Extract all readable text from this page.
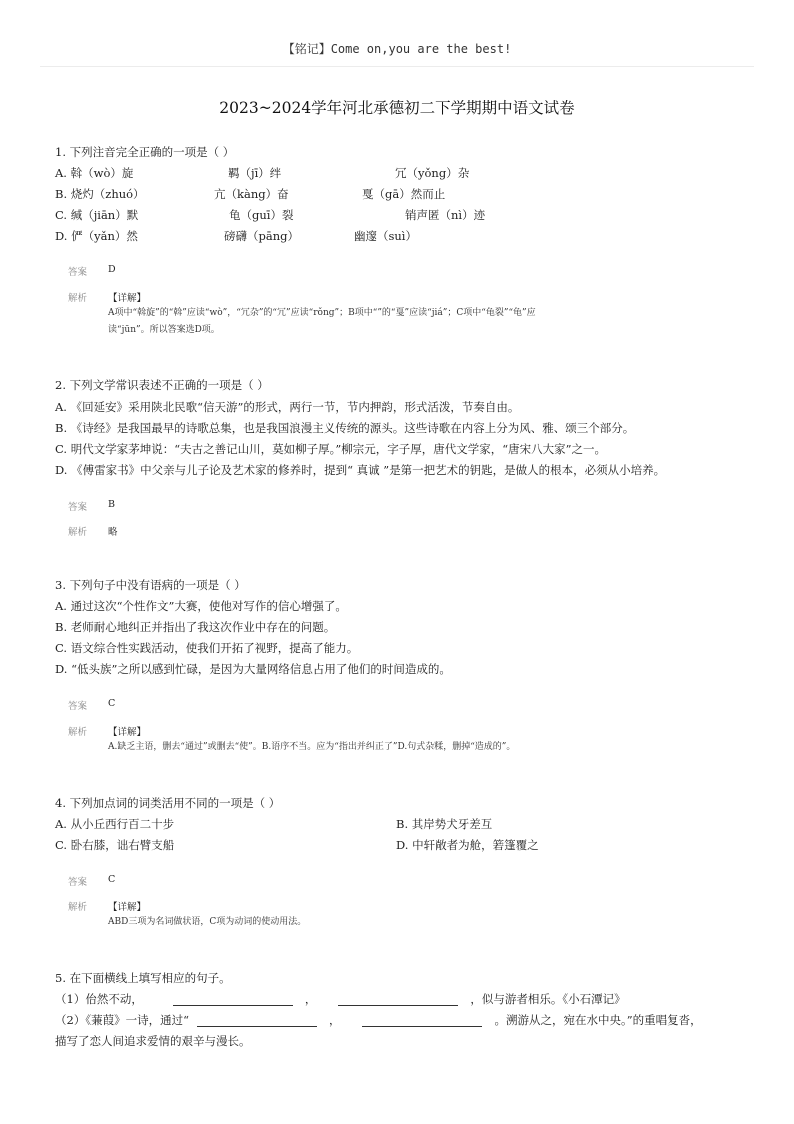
【铭记】Come on,you are the best!
2023~2024学年河北承德初二下学期期中语文试卷
1. 下列注音完全正确的一项是（ ）
A. 斡（wò）旋	羁（jī）绊	冗（yǒng）杂
B. 烧灼（zhuó）	亢（kàng）奋	戛（gā）然而止
C. 缄（jiān）默	龟（guī）裂	销声匿（nì）迹
D. 俨（yǎn）然	磅礴（pāng）	幽邃（suì）
答案 D
解析 【详解】
A项中“斡旋”的“斡”应读“wò”，“冗杂”的“冗”应读“rǒng”；B项中“”的“戛”应读“jiá”；C项中“龟裂”“龟”应
读“jūn”。所以答案选D项。
2. 下列文学常识表述不正确的一项是（ ）
A. 《回延安》采用陕北民歌“信天游”的形式，两行一节，节内押韵，形式活泼，节奏自由。
B. 《诗经》是我国最早的诗歌总集，也是我国浪漫主义传统的源头。这些诗歌在内容上分为风、雅、颂三个部分。
C. 明代文学家茅坤说：“夫古之善记山川，莫如柳子厚。”柳宗元，字子厚，唐代文学家，“唐宋八大家”之一。
D. 《傅雷家书》中父亲与儿子论及艺术家的修养时，提到“ 真诚 ”是第一把艺术的钥匙，是做人的根本，必须从小培养。
答案 B
解析 略
3. 下列句子中没有语病的一项是（ ）
A. 通过这次“个性作文”大赛，使他对写作的信心增强了。
B. 老师耐心地纠正并指出了我这次作业中存在的问题。
C. 语文综合性实践活动，使我们开拓了视野，提高了能力。
D. “低头族”之所以感到忙碌，是因为大量网络信息占用了他们的时间造成的。
答案 C
解析 【详解】
A.缺乏主语，删去“通过”或删去“使”。B.语序不当。应为“指出并纠正了”D.句式杂糅，删掉“造成的”。
4. 下列加点词的词类活用不同的一项是（ ）
A. 从小丘西行百二十步	B. 其岸势犬牙差互
C. 卧右膝，诎右臂支船	D. 中轩敞者为舱，箬篷覆之
答案 C
解析 【详解】
ABD三项为名词做状语，C项为动词的使动用法。
5. 在下面横线上填写相应的句子。
（1）佁然不动，	，	，似与游者相乐。《小石潭记》
（2）《蒹葭》一诗，通过“	，	。溯游从之，宛在水中央。”的重唱复沓，
描写了恋人间追求爱情的艰辛与漫长。
